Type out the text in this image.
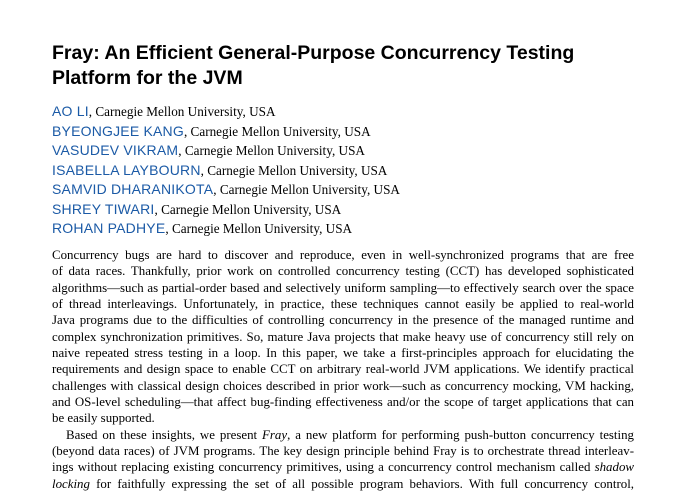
Fray: An Efficient General-Purpose Concurrency Testing
Platform for the JVM
AO LI, Carnegie Mellon University, USA
BYEONGJEE KANG, Carnegie Mellon University, USA
VASUDEV VIKRAM, Carnegie Mellon University, USA
ISABELLA LAYBOURN, Carnegie Mellon University, USA
SAMVID DHARANIKOTA, Carnegie Mellon University, USA
SHREY TIWARI, Carnegie Mellon University, USA
ROHAN PADHYE, Carnegie Mellon University, USA
Concurrency bugs are hard to discover and reproduce, even in well-synchronized programs that are free
of data races. Thankfully, prior work on controlled concurrency testing (CCT) has developed sophisticated
algorithms—such as partial-order based and selectively uniform sampling—to effectively search over the space
of thread interleavings. Unfortunately, in practice, these techniques cannot easily be applied to real-world
Java programs due to the difficulties of controlling concurrency in the presence of the managed runtime and
complex synchronization primitives. So, mature Java projects that make heavy use of concurrency still rely on
naive repeated stress testing in a loop. In this paper, we take a first-principles approach for elucidating the
requirements and design space to enable CCT on arbitrary real-world JVM applications. We identify practical
challenges with classical design choices described in prior work—such as concurrency mocking, VM hacking,
and OS-level scheduling—that affect bug-finding effectiveness and/or the scope of target applications that can
be easily supported.
Based on these insights, we present Fray, a new platform for performing push-button concurrency testing
(beyond data races) of JVM programs. The key design principle behind Fray is to orchestrate thread interleav-
ings without replacing existing concurrency primitives, using a concurrency control mechanism called shadow
locking for faithfully expressing the set of all possible program behaviors. With full concurrency control,
